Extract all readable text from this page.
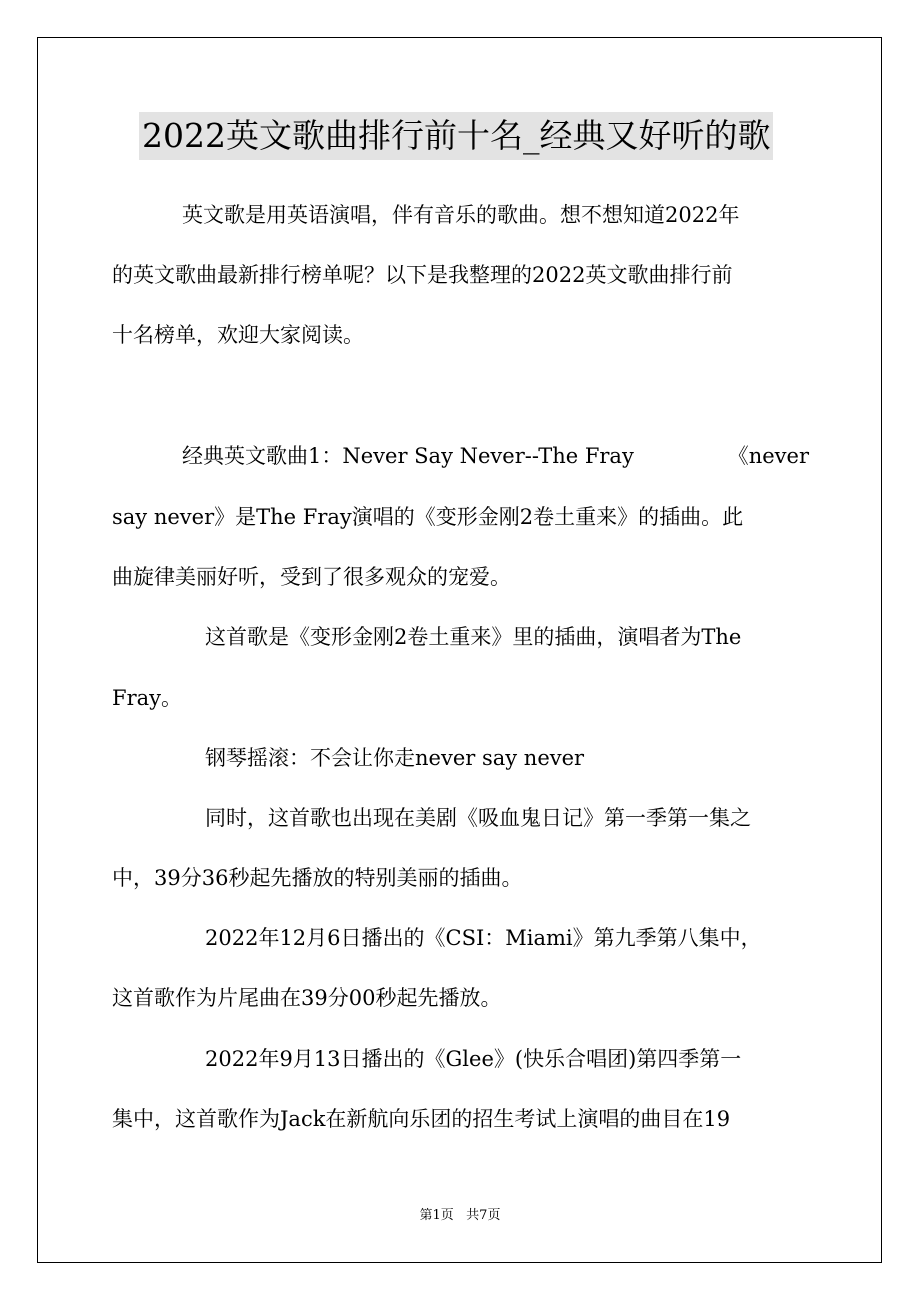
2022英文歌曲排行前十名_经典又好听的歌
英文歌是用英语演唱，伴有音乐的歌曲。想不想知道2022年
的英文歌曲最新排行榜单呢？以下是我整理的2022英文歌曲排行前
十名榜单，欢迎大家阅读。
经典英文歌曲1：Never Say Never--The Fray	《never
say never》是The Fray演唱的《变形金刚2卷土重来》的插曲。此
曲旋律美丽好听，受到了很多观众的宠爱。
这首歌是《变形金刚2卷土重来》里的插曲，演唱者为The
Fray。
钢琴摇滚：不会让你走never say never
同时，这首歌也出现在美剧《吸血鬼日记》第一季第一集之
中，39分36秒起先播放的特别美丽的插曲。
2022年12月6日播出的《CSI：Miami》第九季第八集中，
这首歌作为片尾曲在39分00秒起先播放。
2022年9月13日播出的《Glee》(快乐合唱团)第四季第一
集中，这首歌作为Jack在新航向乐团的招生考试上演唱的曲目在19
第1页   共7页
